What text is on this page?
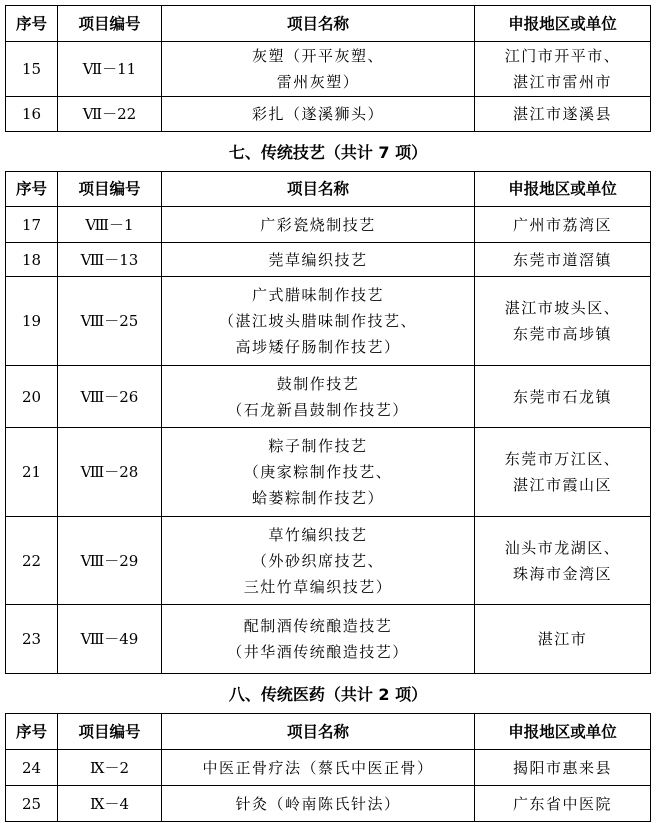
序号	项目编号	项目名称	申报地区或单位
15	Ⅶ－11	灰塑（开平灰塑、
雷州灰塑）	江门市开平市、
湛江市雷州市

16	Ⅶ－22	彩扎（遂溪狮头）	湛江市遂溪县
七、传统技艺（共计 7 项）
序号	项目编号	项目名称	申报地区或单位
17	Ⅷ－1	广彩瓷烧制技艺	广州市荔湾区

18	Ⅷ－13	莞草编织技艺	东莞市道滘镇

19	Ⅷ－25	广式腊味制作技艺
（湛江坡头腊味制作技艺、
高埗矮仔肠制作技艺）	湛江市坡头区、
东莞市高埗镇

20	Ⅷ－26	鼓制作技艺
（石龙新昌鼓制作技艺）	东莞市石龙镇

21	Ⅷ－28	粽子制作技艺
（庚家粽制作技艺、
蛤蒌粽制作技艺）	东莞市万江区、
湛江市霞山区

22	Ⅷ－29	草竹编织技艺
（外砂织席技艺、
三灶竹草编织技艺）	汕头市龙湖区、
珠海市金湾区

23	Ⅷ－49	配制酒传统酿造技艺
（井华酒传统酿造技艺）	湛江市
八、传统医药（共计 2 项）
序号	项目编号	项目名称	申报地区或单位
24	Ⅸ－2	中医正骨疗法（蔡氏中医正骨）	揭阳市惠来县

25	Ⅸ－4	针灸（岭南陈氏针法）	广东省中医院
